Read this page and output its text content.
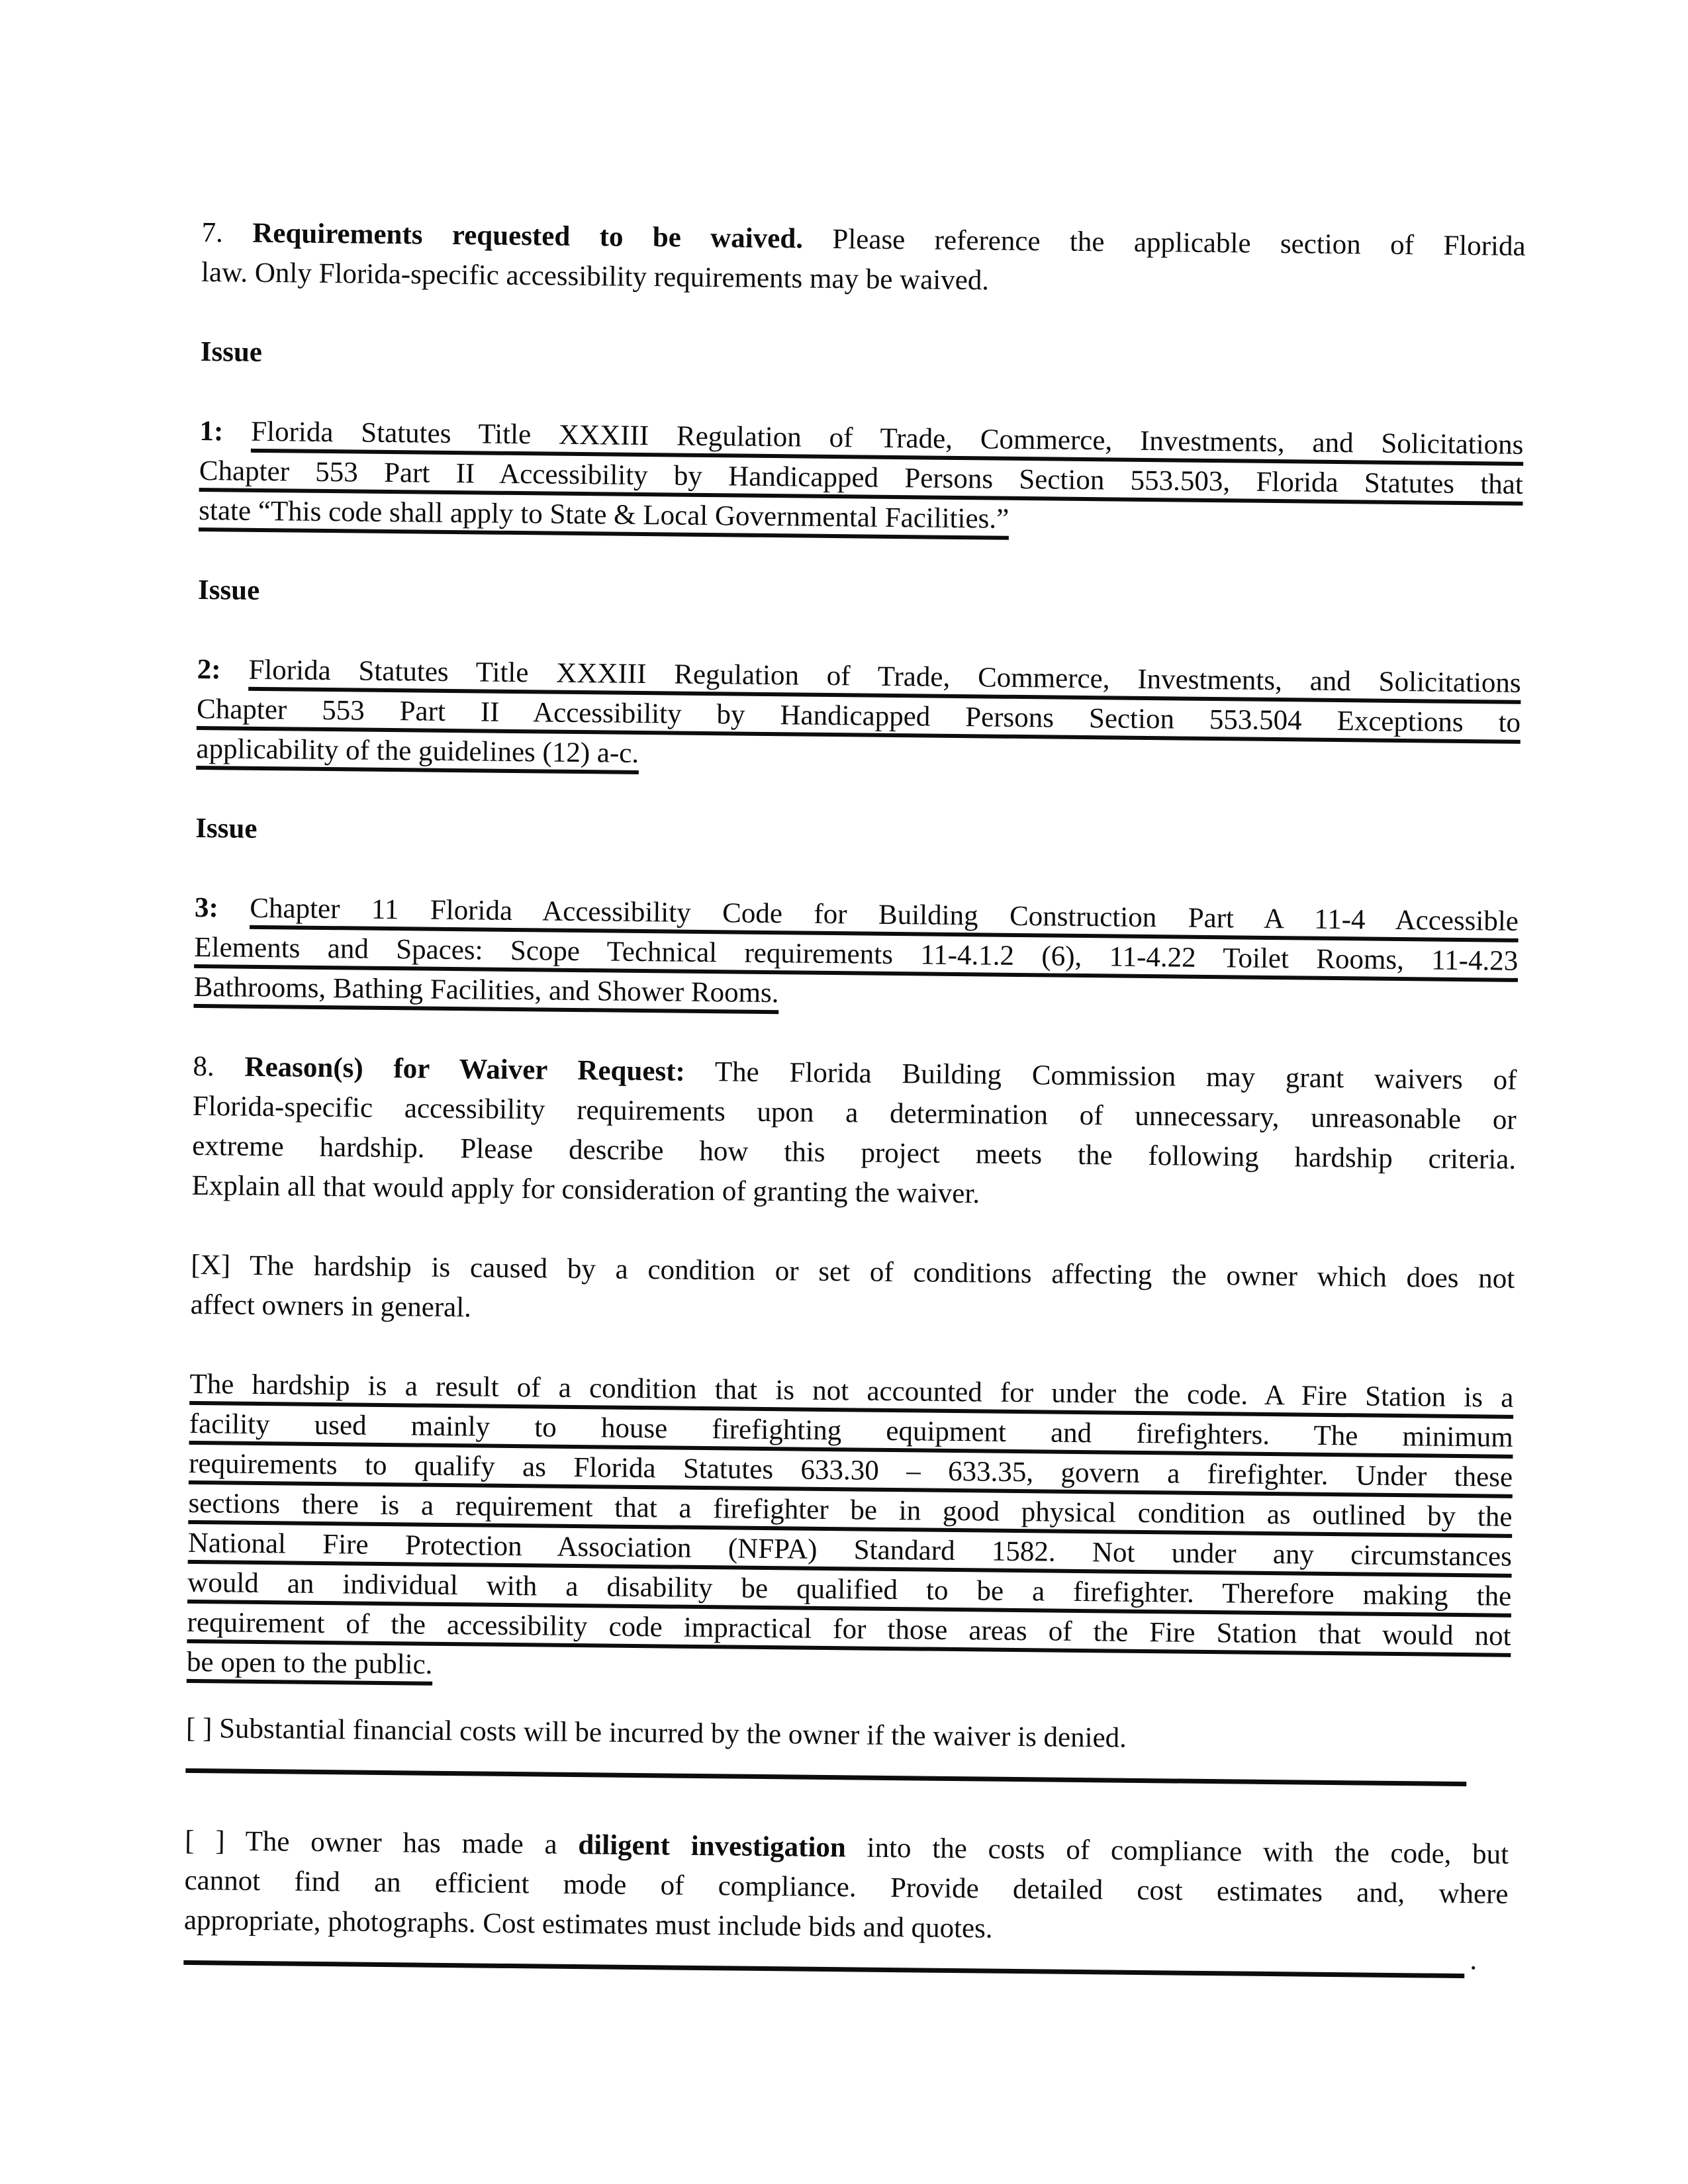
7. Requirements requested to be waived. Please reference the applicable section of Florida
law. Only Florida-specific accessibility requirements may be waived.
Issue
1: Florida Statutes Title XXXIII Regulation of Trade, Commerce, Investments, and Solicitations
Chapter 553 Part II Accessibility by Handicapped Persons Section 553.503, Florida Statutes that
state “This code shall apply to State & Local Governmental Facilities.”
Issue
2: Florida Statutes Title XXXIII Regulation of Trade, Commerce, Investments, and Solicitations
Chapter 553 Part II Accessibility by Handicapped Persons Section 553.504 Exceptions to
applicability of the guidelines (12) a-c.
Issue
3: Chapter 11 Florida Accessibility Code for Building Construction Part A 11-4 Accessible
Elements and Spaces: Scope Technical requirements 11-4.1.2 (6), 11-4.22 Toilet Rooms, 11-4.23
Bathrooms, Bathing Facilities, and Shower Rooms.
8. Reason(s) for Waiver Request: The Florida Building Commission may grant waivers of
Florida-specific accessibility requirements upon a determination of unnecessary, unreasonable or
extreme hardship. Please describe how this project meets the following hardship criteria.
Explain all that would apply for consideration of granting the waiver.
[X] The hardship is caused by a condition or set of conditions affecting the owner which does not
affect owners in general.
The hardship is a result of a condition that is not accounted for under the code. A Fire Station is a
facility used mainly to house firefighting equipment and firefighters. The minimum
requirements to qualify as Florida Statutes 633.30 – 633.35, govern a firefighter. Under these
sections there is a requirement that a firefighter be in good physical condition as outlined by the
National Fire Protection Association (NFPA) Standard 1582. Not under any circumstances
would an individual with a disability be qualified to be a firefighter. Therefore making the
requirement of the accessibility code impractical for those areas of the Fire Station that would not
be open to the public.
[ ] Substantial financial costs will be incurred by the owner if the waiver is denied.
[ ] The owner has made a diligent investigation into the costs of compliance with the code, but
cannot find an efficient mode of compliance. Provide detailed cost estimates and, where
appropriate, photographs. Cost estimates must include bids and quotes.
.
